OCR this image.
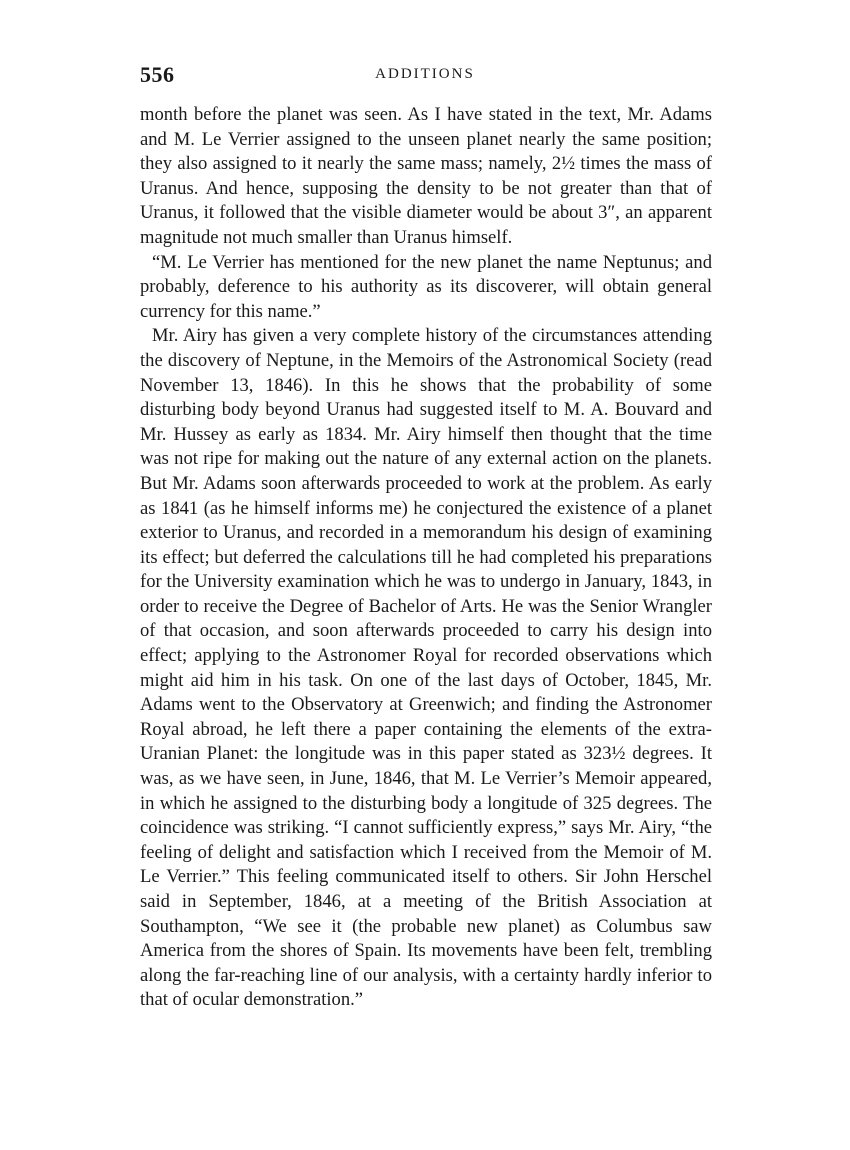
556	ADDITIONS

month before the planet was seen. As I have stated in the text, Mr. Adams and M. Le Verrier assigned to the unseen planet nearly the same position; they also assigned to it nearly the same mass; namely, 2½ times the mass of Uranus. And hence, supposing the density to be not greater than that of Uranus, it followed that the visible diameter would be about 3″, an apparent magnitude not much smaller than Uranus himself.

“M. Le Verrier has mentioned for the new planet the name Neptunus; and probably, deference to his authority as its discoverer, will obtain general currency for this name.”

Mr. Airy has given a very complete history of the circumstances attending the discovery of Neptune, in the Memoirs of the Astronomical Society (read November 13, 1846). In this he shows that the probability of some disturbing body beyond Uranus had suggested itself to M. A. Bouvard and Mr. Hussey as early as 1834. Mr. Airy himself then thought that the time was not ripe for making out the nature of any external action on the planets. But Mr. Adams soon afterwards proceeded to work at the problem. As early as 1841 (as he himself informs me) he conjectured the existence of a planet exterior to Uranus, and recorded in a memorandum his design of examining its effect; but deferred the calculations till he had completed his preparations for the University examination which he was to undergo in January, 1843, in order to receive the Degree of Bachelor of Arts. He was the Senior Wrangler of that occasion, and soon afterwards proceeded to carry his design into effect; applying to the Astronomer Royal for recorded observations which might aid him in his task. On one of the last days of October, 1845, Mr. Adams went to the Observatory at Greenwich; and finding the Astronomer Royal abroad, he left there a paper containing the elements of the extra-Uranian Planet: the longitude was in this paper stated as 323½ degrees. It was, as we have seen, in June, 1846, that M. Le Verrier’s Memoir appeared, in which he assigned to the disturbing body a longitude of 325 degrees. The coincidence was striking. “I cannot sufficiently express,” says Mr. Airy, “the feeling of delight and satisfaction which I received from the Memoir of M. Le Verrier.” This feeling communicated itself to others. Sir John Herschel said in September, 1846, at a meeting of the British Association at Southampton, “We see it (the probable new planet) as Columbus saw America from the shores of Spain. Its movements have been felt, trembling along the far-reaching line of our analysis, with a certainty hardly inferior to that of ocular demonstration.”
